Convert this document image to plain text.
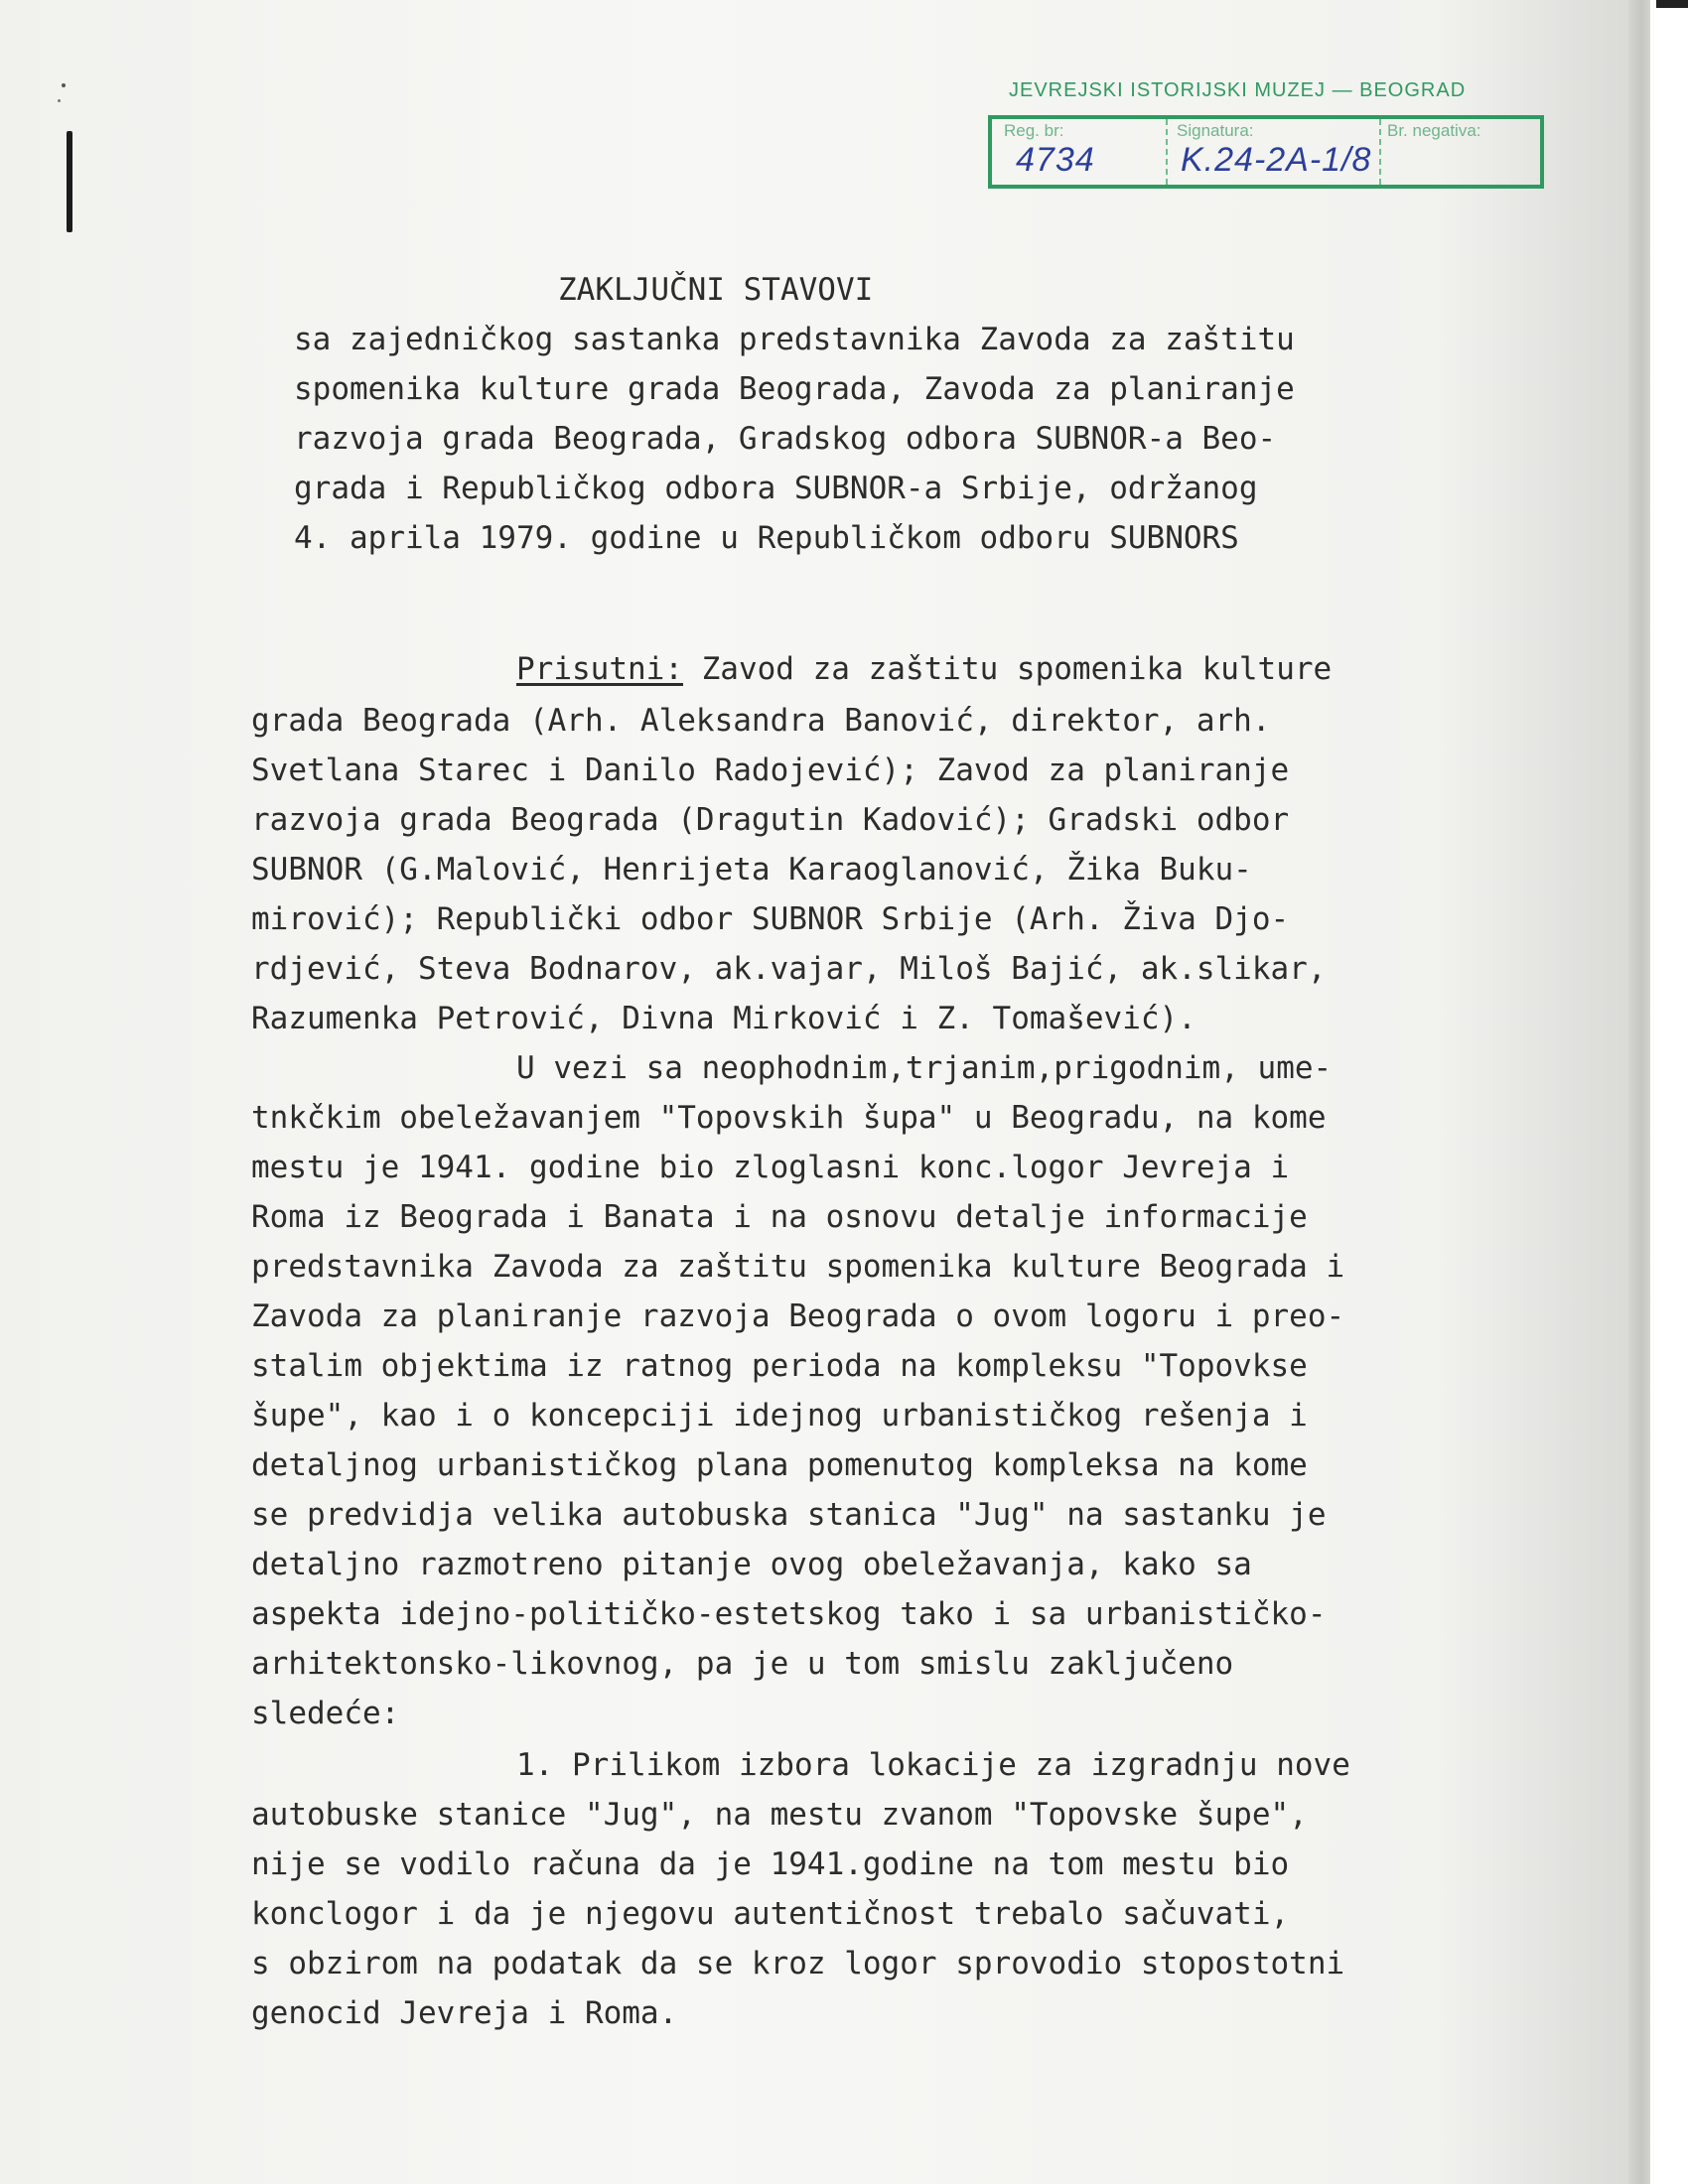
JEVREJSKI ISTORIJSKI MUZEJ — BEOGRAD
Reg. br:	Signatura:	Br. negativa:
4734	K.24-2A-1/8
ZAKLJUČNI STAVOVI
sa zajedničkog sastanka predstavnika Zavoda za zaštitu
spomenika kulture grada Beograda, Zavoda za planiranje
razvoja grada Beograda, Gradskog odbora SUBNOR-a Beo-
grada i Republičkog odbora SUBNOR-a Srbije, održanog
4. aprila 1979. godine u Republičkom odboru SUBNORS
Prisutni: Zavod za zaštitu spomenika kulture
grada Beograda (Arh. Aleksandra Banović, direktor, arh.
Svetlana Starec i Danilo Radojević); Zavod za planiranje
razvoja grada Beograda (Dragutin Kadović); Gradski odbor
SUBNOR (G.Malović, Henrijeta Karaoglanović, Žika Buku-
mirović); Republički odbor SUBNOR Srbije (Arh. Živa Djo-
rdjević, Steva Bodnarov, ak.vajar, Miloš Bajić, ak.slikar,
Razumenka Petrović, Divna Mirković i Z. Tomašević).
U vezi sa neophodnim,trjanim,prigodnim, ume-
tnkčkim obeležavanjem "Topovskih šupa" u Beogradu, na kome
mestu je 1941. godine bio zloglasni konc.logor Jevreja i
Roma iz Beograda i Banata i na osnovu detalje informacije
predstavnika Zavoda za zaštitu spomenika kulture Beograda i
Zavoda za planiranje razvoja Beograda o ovom logoru i preo-
stalim objektima iz ratnog perioda na kompleksu "Topovkse
šupe", kao i o koncepciji idejnog urbanističkog rešenja i
detaljnog urbanističkog plana pomenutog kompleksa na kome
se predvidja velika autobuska stanica "Jug" na sastanku je
detaljno razmotreno pitanje ovog obeležavanja, kako sa
aspekta idejno-političko-estetskog tako i sa urbanističko-
arhitektonsko-likovnog, pa je u tom smislu zaključeno
sledeće:
1. Prilikom izbora lokacije za izgradnju nove
autobuske stanice "Jug", na mestu zvanom "Topovske šupe",
nije se vodilo računa da je 1941.godine na tom mestu bio
konclogor i da je njegovu autentičnost trebalo sačuvati,
s obzirom na podatak da se kroz logor sprovodio stopostotni
genocid Jevreja i Roma.
